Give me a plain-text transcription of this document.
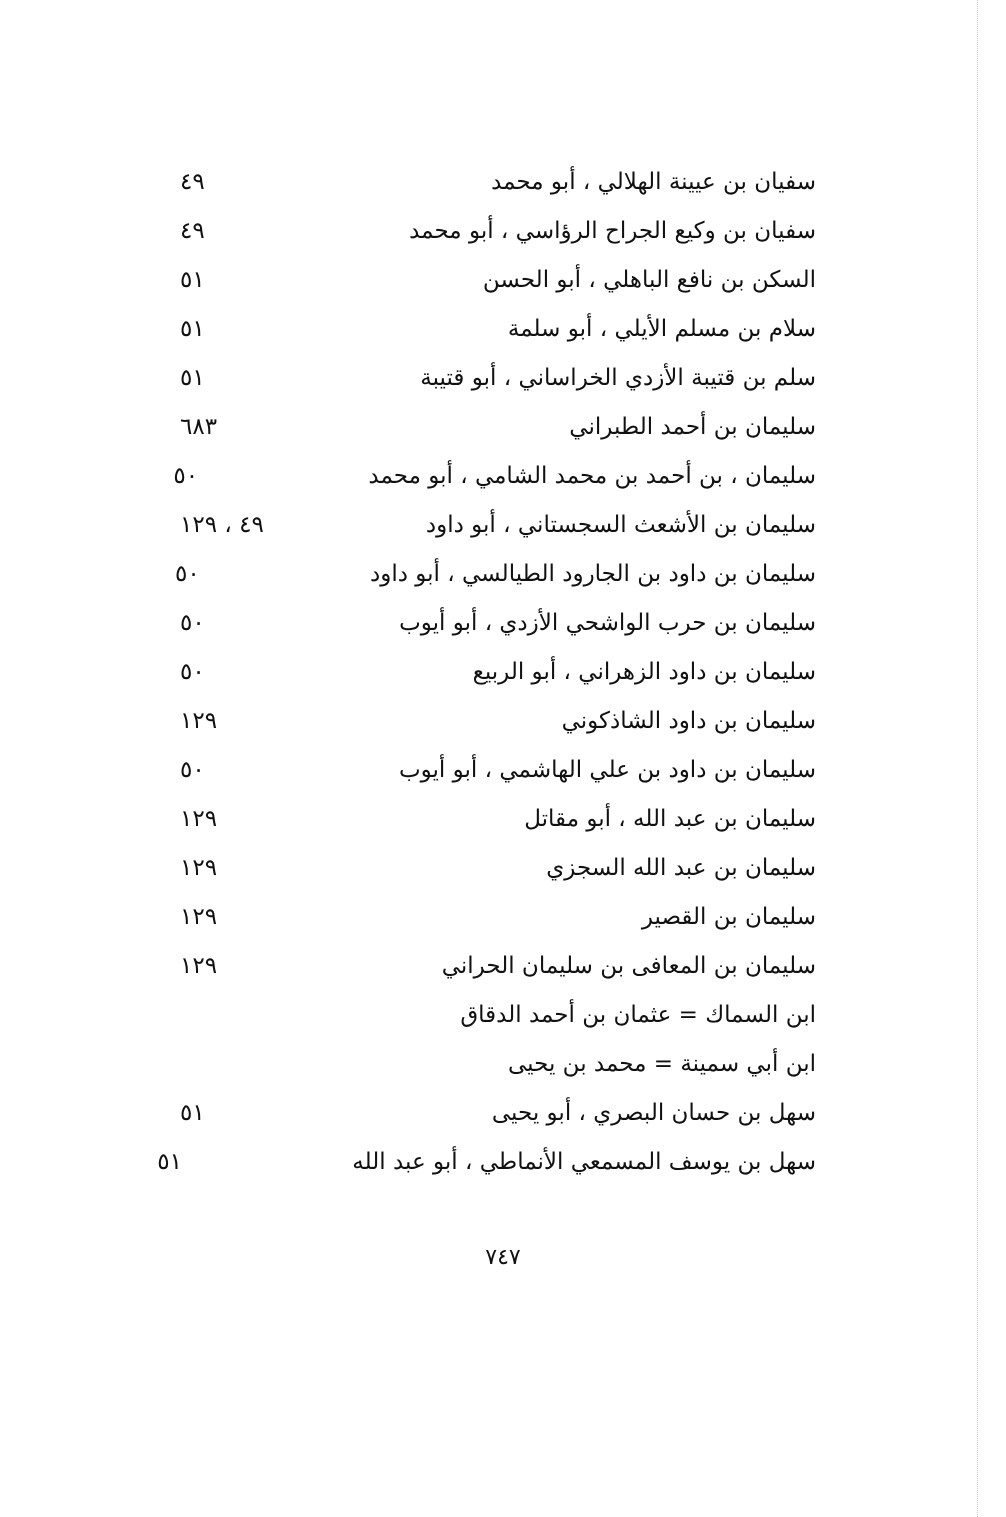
سفيان بن عيينة الهلالي ، أبو محمد
٤٩
سفيان بن وكيع الجراح الرؤاسي ، أبو محمد
٤٩
السكن بن نافع الباهلي ، أبو الحسن
٥١
سلام بن مسلم الأيلي ، أبو سلمة
٥١
سلم بن قتيبة الأزدي الخراساني ، أبو قتيبة
٥١
سليمان بن أحمد الطبراني
٦٨٣
سليمان ، بن أحمد بن محمد الشامي ، أبو محمد
٥٠
سليمان بن الأشعث السجستاني ، أبو داود
٤٩ ، ١٢٩
سليمان بن داود بن الجارود الطيالسي ، أبو داود
٥٠
سليمان بن حرب الواشحي الأزدي ، أبو أيوب
٥٠
سليمان بن داود الزهراني ، أبو الربيع
٥٠
سليمان بن داود الشاذكوني
١٢٩
سليمان بن داود بن علي الهاشمي ، أبو أيوب
٥٠
سليمان بن عبد الله ، أبو مقاتل
١٢٩
سليمان بن عبد الله السجزي
١٢٩
سليمان بن القصير
١٢٩
سليمان بن المعافى بن سليمان الحراني
١٢٩
ابن السماك = عثمان بن أحمد الدقاق
ابن أبي سمينة = محمد بن يحيى
سهل بن حسان البصري ، أبو يحيى
٥١
سهل بن يوسف المسمعي الأنماطي ، أبو عبد الله
٥١
٧٤٧
